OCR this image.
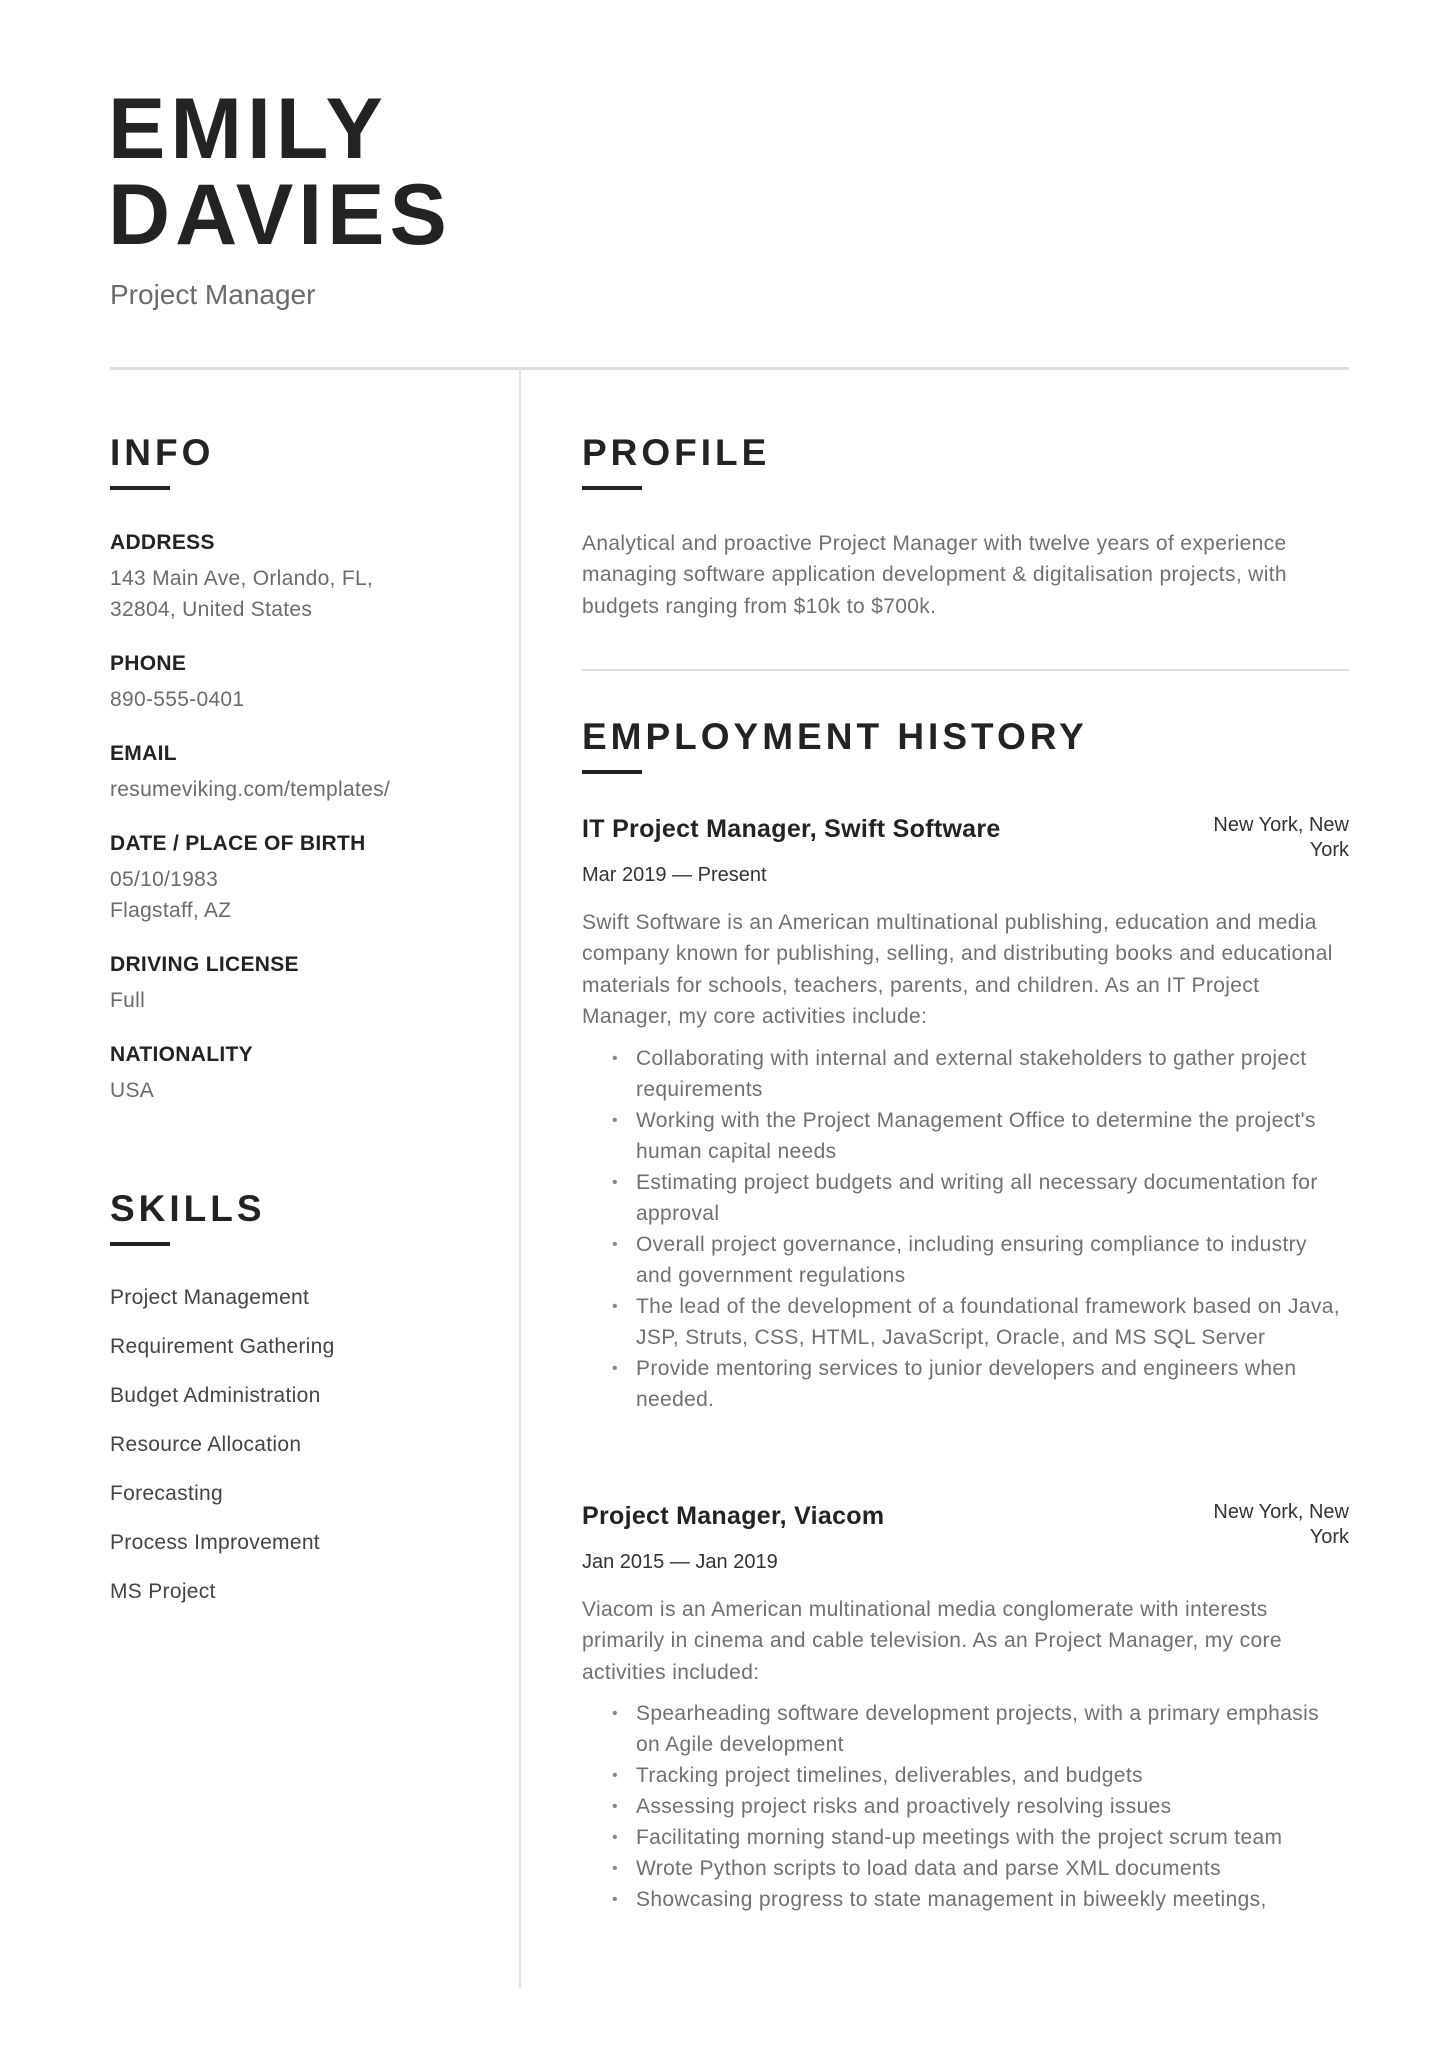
EMILY
DAVIES
Project Manager
INFO
ADDRESS
143 Main Ave, Orlando, FL,
32804, United States
PHONE
890-555-0401
EMAIL
resumeviking.com/templates/
DATE / PLACE OF BIRTH
05/10/1983
Flagstaff, AZ
DRIVING LICENSE
Full
NATIONALITY
USA
SKILLS
Project Management
Requirement Gathering
Budget Administration
Resource Allocation
Forecasting
Process Improvement
MS Project
PROFILE

Analytical and proactive Project Manager with twelve years of experience managing software application development & digitalisation projects, with budgets ranging from $10k to $700k.

EMPLOYMENT HISTORY
IT Project Manager, Swift Software	New York, New York
Mar 2019 — Present

Swift Software is an American multinational publishing, education and media company known for publishing, selling, and distributing books and educational materials for schools, teachers, parents, and children. As an IT Project Manager, my core activities include:

• Collaborating with internal and external stakeholders to gather project requirements
• Working with the Project Management Office to determine the project's human capital needs
• Estimating project budgets and writing all necessary documentation for approval
• Overall project governance, including ensuring compliance to industry and government regulations
• The lead of the development of a foundational framework based on Java, JSP, Struts, CSS, HTML, JavaScript, Oracle, and MS SQL Server
• Provide mentoring services to junior developers and engineers when needed.
Project Manager, Viacom	New York, New York
Jan 2015 — Jan 2019

Viacom is an American multinational media conglomerate with interests primarily in cinema and cable television. As an Project Manager, my core activities included:

• Spearheading software development projects, with a primary emphasis on Agile development
• Tracking project timelines, deliverables, and budgets
• Assessing project risks and proactively resolving issues
• Facilitating morning stand-up meetings with the project scrum team
• Wrote Python scripts to load data and parse XML documents
• Showcasing progress to state management in biweekly meetings,
